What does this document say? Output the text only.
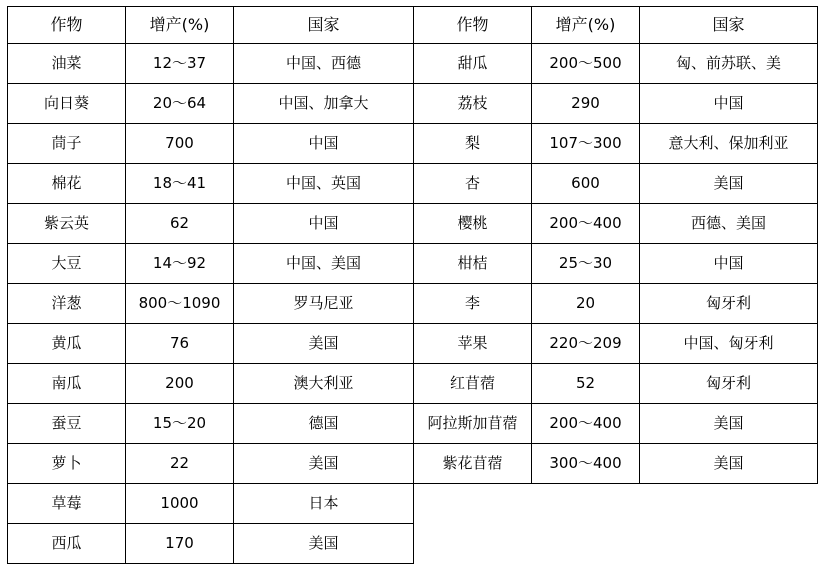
作物	增产(%)	国家	作物	增产(%)	国家
油菜	12～37	中国、西德	甜瓜	200～500	匈、前苏联、美
向日葵	20～64	中国、加拿大	荔枝	290	中国
茼子	700	中国	梨	107～300	意大利、保加利亚
棉花	18～41	中国、英国	杏	600	美国
紫云英	62	中国	樱桃	200～400	西德、美国
大豆	14～92	中国、美国	柑桔	25～30	中国
洋葱	800～1090	罗马尼亚	李	20	匈牙利
黄瓜	76	美国	苹果	220～209	中国、匈牙利
南瓜	200	澳大利亚	红苜蓿	52	匈牙利
蚕豆	15～20	德国	阿拉斯加苜蓿	200～400	美国
萝卜	22	美国	紫花苜蓿	300～400	美国
草莓	1000	日本			
西瓜	170	美国			
